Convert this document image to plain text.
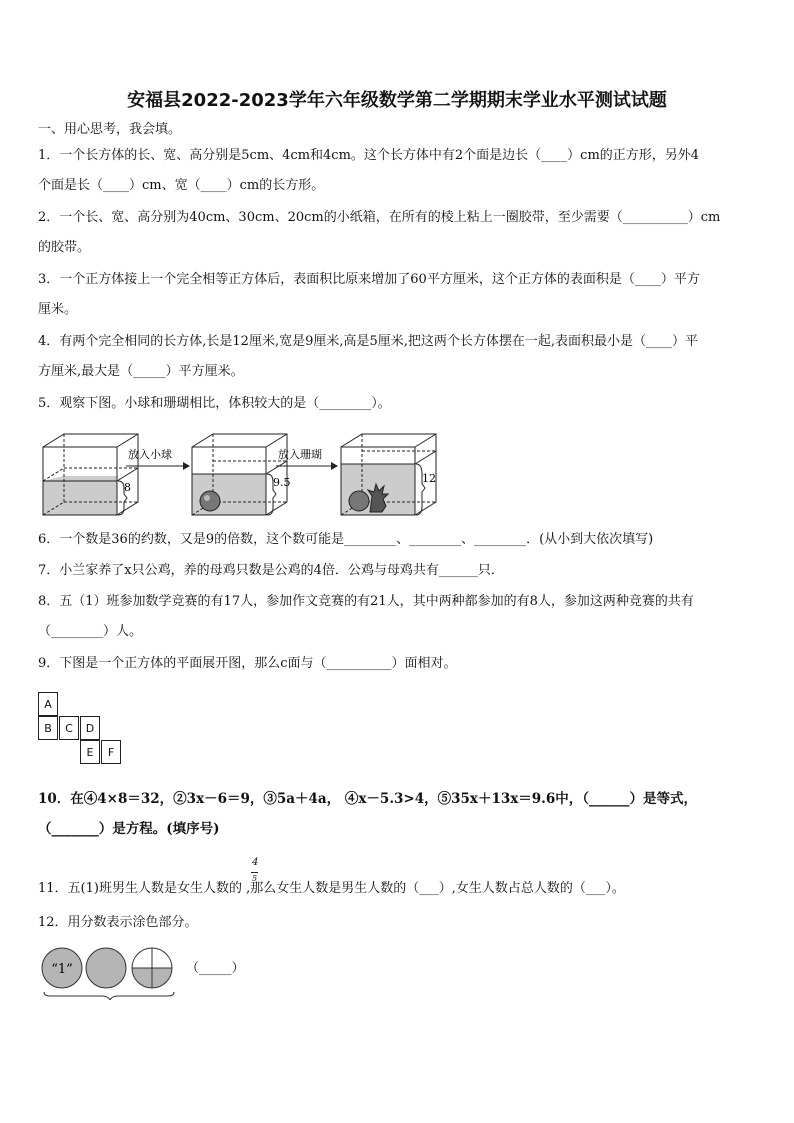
安福县2022-2023学年六年级数学第二学期期末学业水平测试试题
一、用心思考，我会填。
1．一个长方体的长、宽、高分别是5cm、4cm和4cm。这个长方体中有2个面是边长（____）cm的正方形，另外4
个面是长（____）cm、宽（____）cm的长方形。
2．一个长、宽、高分别为40cm、30cm、20cm的小纸箱，在所有的棱上粘上一圈胶带，至少需要（__________）cm
的胶带。
3．一个正方体接上一个完全相等正方体后，表面积比原来增加了60平方厘米，这个正方体的表面积是（____）平方
厘米。
4．有两个完全相同的长方体,长是12厘米,宽是9厘米,高是5厘米,把这两个长方体摆在一起,表面积最小是（____）平
方厘米,最大是（_____）平方厘米。
5．观察下图。小球和珊瑚相比，体积较大的是（________）。
8
放入小球
9.5
放入珊瑚
12
6．一个数是36的约数，又是9的倍数，这个数可能是________、________、________．(从小到大依次填写)
7．小兰家养了x只公鸡，养的母鸡只数是公鸡的4倍．公鸡与母鸡共有______只．
8．五（1）班参加数学竞赛的有17人，参加作文竞赛的有21人，其中两种都参加的有8人，参加这两种竞赛的共有
（________）人。
9．下图是一个正方体的平面展开图，那么c面与（__________）面相对。
A
B	C	D
E	F
10．在④4×8＝32，②3x－6＝9，③5a＋4a， ④x－5.3>4，⑤35x＋13x＝9.6中，（______）是等式，
（_______）是方程。(填序号)
4
5
11．五(1)班男生人数是女生人数的 ,那么女生人数是男生人数的（___）,女生人数占总人数的（___）。
12．用分数表示涂色部分。
“1”	（_____）
